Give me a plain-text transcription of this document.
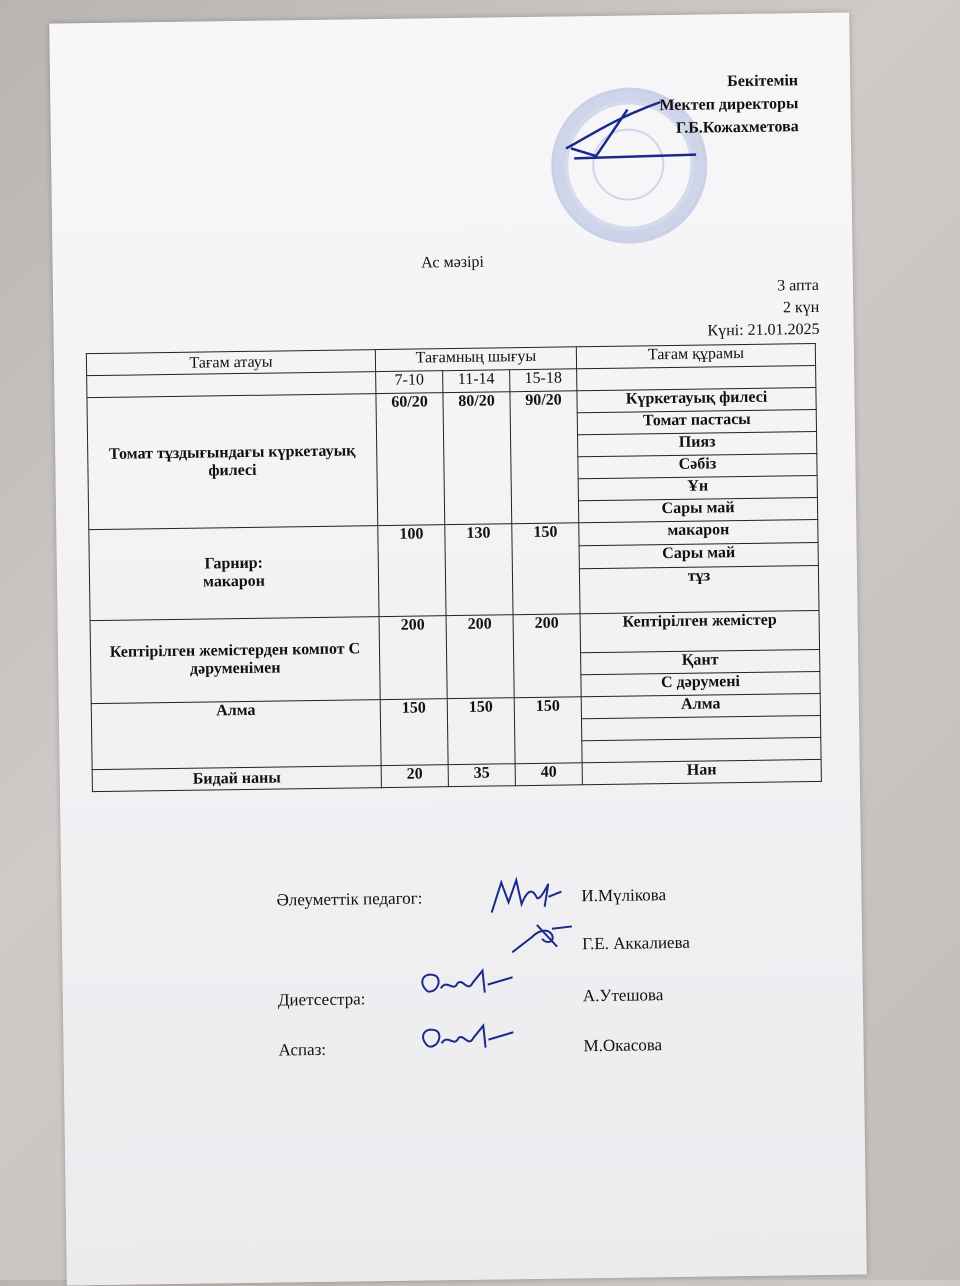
Бекітемін
Мектеп директоры
Г.Б.Кожахметова
Ас мәзірі
3 апта
2 күн
Күні: 21.01.2025
Тағам атауы	Тағамның шығуы			Тағам құрамы
	7-10	11-14	15-18	
Томат тұздығындағы күркетауық филесі	60/20	80/20	90/20	Күркетауық филесі
				Томат пастасы
				Пияз
				Сәбіз
				Ұн
				Сары май

Гарнир:
макарон	100	130	150	макарон
				Сары май
				тұз
Кептірілген жемістерден компот С дәруменімен	200	200	200	Кептірілген жемістер
				Қант
				С дәрумені
Алма	150	150	150	Алма

Бидай наны	20	35	40	Нан
Әлеуметтік педагог:	И.Мүлікова
Г.Е. Аккалиева
Диетсестра:	А.Утешова
Аспаз:	М.Окасова
